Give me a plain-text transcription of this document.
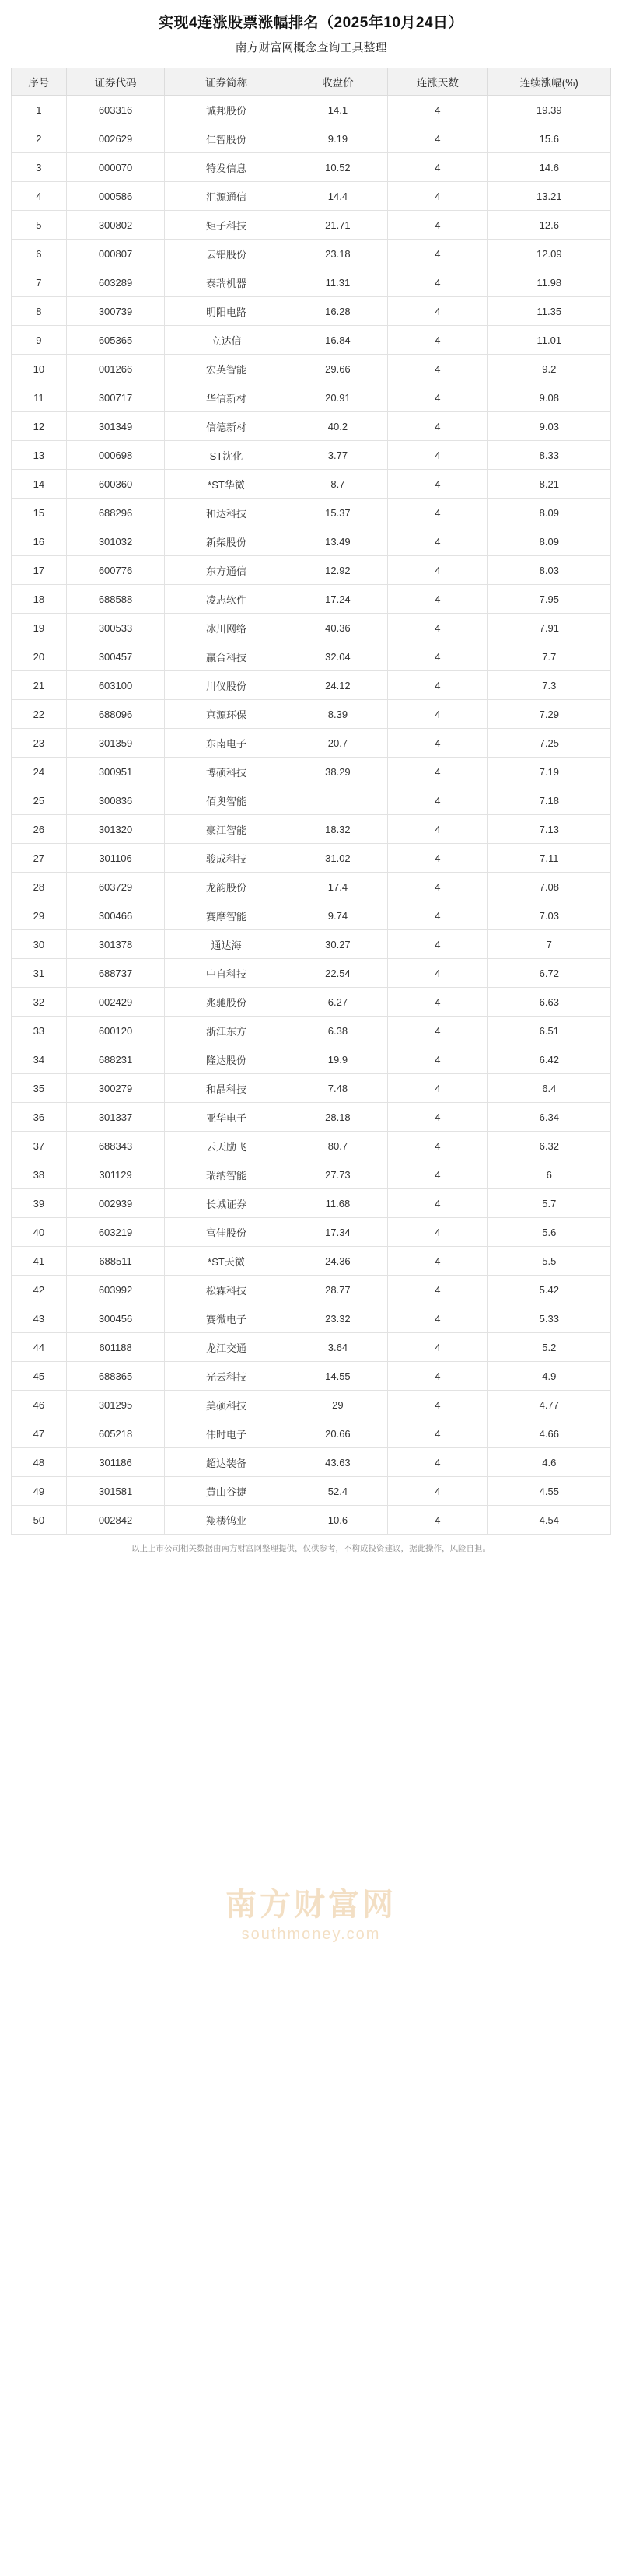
实现4连涨股票涨幅排名（2025年10月24日）
南方财富网概念查询工具整理
序号	证券代码	证券简称	收盘价	连涨天数	连续涨幅(%)
1	603316	诚邦股份	14.1	4	19.39
2	002629	仁智股份	9.19	4	15.6
3	000070	特发信息	10.52	4	14.6
4	000586	汇源通信	14.4	4	13.21
5	300802	矩子科技	21.71	4	12.6
6	000807	云铝股份	23.18	4	12.09
7	603289	泰瑞机器	11.31	4	11.98
8	300739	明阳电路	16.28	4	11.35
9	605365	立达信	16.84	4	11.01
10	001266	宏英智能	29.66	4	9.2
11	300717	华信新材	20.91	4	9.08
12	301349	信德新材	40.2	4	9.03
13	000698	ST沈化	3.77	4	8.33
14	600360	*ST华微	8.7	4	8.21
15	688296	和达科技	15.37	4	8.09
16	301032	新柴股份	13.49	4	8.09
17	600776	东方通信	12.92	4	8.03
18	688588	凌志软件	17.24	4	7.95
19	300533	冰川网络	40.36	4	7.91
20	300457	赢合科技	32.04	4	7.7
21	603100	川仪股份	24.12	4	7.3
22	688096	京源环保	8.39	4	7.29
23	301359	东南电子	20.7	4	7.25
24	300951	博硕科技	38.29	4	7.19
25	300836	佰奥智能		4	7.18
26	301320	豪江智能	18.32	4	7.13
27	301106	骏成科技	31.02	4	7.11
28	603729	龙韵股份	17.4	4	7.08
29	300466	赛摩智能	9.74	4	7.03
30	301378	通达海	30.27	4	7
31	688737	中自科技	22.54	4	6.72
32	002429	兆驰股份	6.27	4	6.63
33	600120	浙江东方	6.38	4	6.51
34	688231	隆达股份	19.9	4	6.42
35	300279	和晶科技	7.48	4	6.4
36	301337	亚华电子	28.18	4	6.34
37	688343	云天励飞	80.7	4	6.32
38	301129	瑞纳智能	27.73	4	6
39	002939	长城证券	11.68	4	5.7
40	603219	富佳股份	17.34	4	5.6
41	688511	*ST天微	24.36	4	5.5
42	603992	松霖科技	28.77	4	5.42
43	300456	赛微电子	23.32	4	5.33
44	601188	龙江交通	3.64	4	5.2
45	688365	光云科技	14.55	4	4.9
46	301295	美硕科技	29	4	4.77
47	605218	伟时电子	20.66	4	4.66
48	301186	超达装备	43.63	4	4.6
49	301581	黄山谷捷	52.4	4	4.55
50	002842	翔楼钨业	10.6	4	4.54
南方财富网
southmoney.com
以上上市公司相关数据由南方财富网整理提供，仅供参考，不构成投资建议，据此操作，风险自担。
